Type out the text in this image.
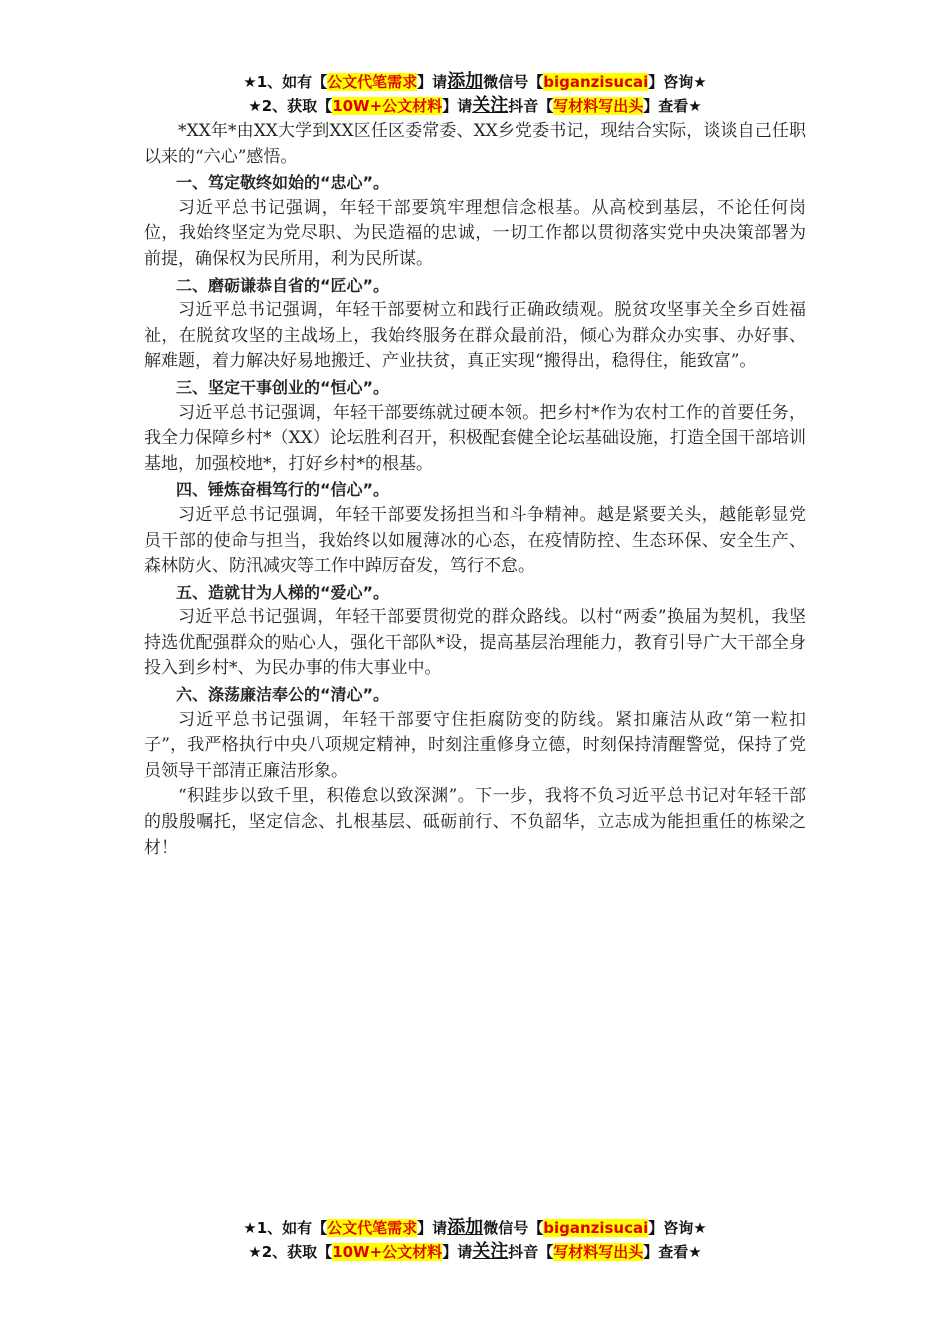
★1、如有【公文代笔需求】请添加微信号【biganzisucai】咨询★
★2、获取【10W+公文材料】请关注抖音【写材料写出头】查看★

*XX年*由XX大学到XX区任区委常委、XX乡党委书记，现结合实际，谈谈自己任职以来的“六心”感悟。

一、笃定敬终如始的“忠心”。

习近平总书记强调，年轻干部要筑牢理想信念根基。从高校到基层，不论任何岗位，我始终坚定为党尽职、为民造福的忠诚，一切工作都以贯彻落实党中央决策部署为前提，确保权为民所用，利为民所谋。

二、磨砺谦恭自省的“匠心”。

习近平总书记强调，年轻干部要树立和践行正确政绩观。脱贫攻坚事关全乡百姓福祉，在脱贫攻坚的主战场上，我始终服务在群众最前沿，倾心为群众办实事、办好事、解难题，着力解决好易地搬迁、产业扶贫，真正实现“搬得出，稳得住，能致富”。

三、坚定干事创业的“恒心”。

习近平总书记强调，年轻干部要练就过硬本领。把乡村*作为农村工作的首要任务，我全力保障乡村*（XX）论坛胜利召开，积极配套健全论坛基础设施，打造全国干部培训基地，加强校地*，打好乡村*的根基。

四、锤炼奋楫笃行的“信心”。

习近平总书记强调，年轻干部要发扬担当和斗争精神。越是紧要关头，越能彰显党员干部的使命与担当，我始终以如履薄冰的心态，在疫情防控、生态环保、安全生产、森林防火、防汛减灾等工作中踔厉奋发，笃行不怠。

五、造就甘为人梯的“爱心”。

习近平总书记强调，年轻干部要贯彻党的群众路线。以村“两委”换届为契机，我坚持选优配强群众的贴心人，强化干部队*设，提高基层治理能力，教育引导广大干部全身投入到乡村*、为民办事的伟大事业中。

六、涤荡廉洁奉公的“清心”。

习近平总书记强调，年轻干部要守住拒腐防变的防线。紧扣廉洁从政“第一粒扣子”，我严格执行中央八项规定精神，时刻注重修身立德，时刻保持清醒警觉，保持了党员领导干部清正廉洁形象。

“积跬步以致千里，积倦怠以致深渊”。下一步，我将不负习近平总书记对年轻干部的殷殷嘱托，坚定信念、扎根基层、砥砺前行、不负韶华，立志成为能担重任的栋梁之材！

★1、如有【公文代笔需求】请添加微信号【biganzisucai】咨询★
★2、获取【10W+公文材料】请关注抖音【写材料写出头】查看★
